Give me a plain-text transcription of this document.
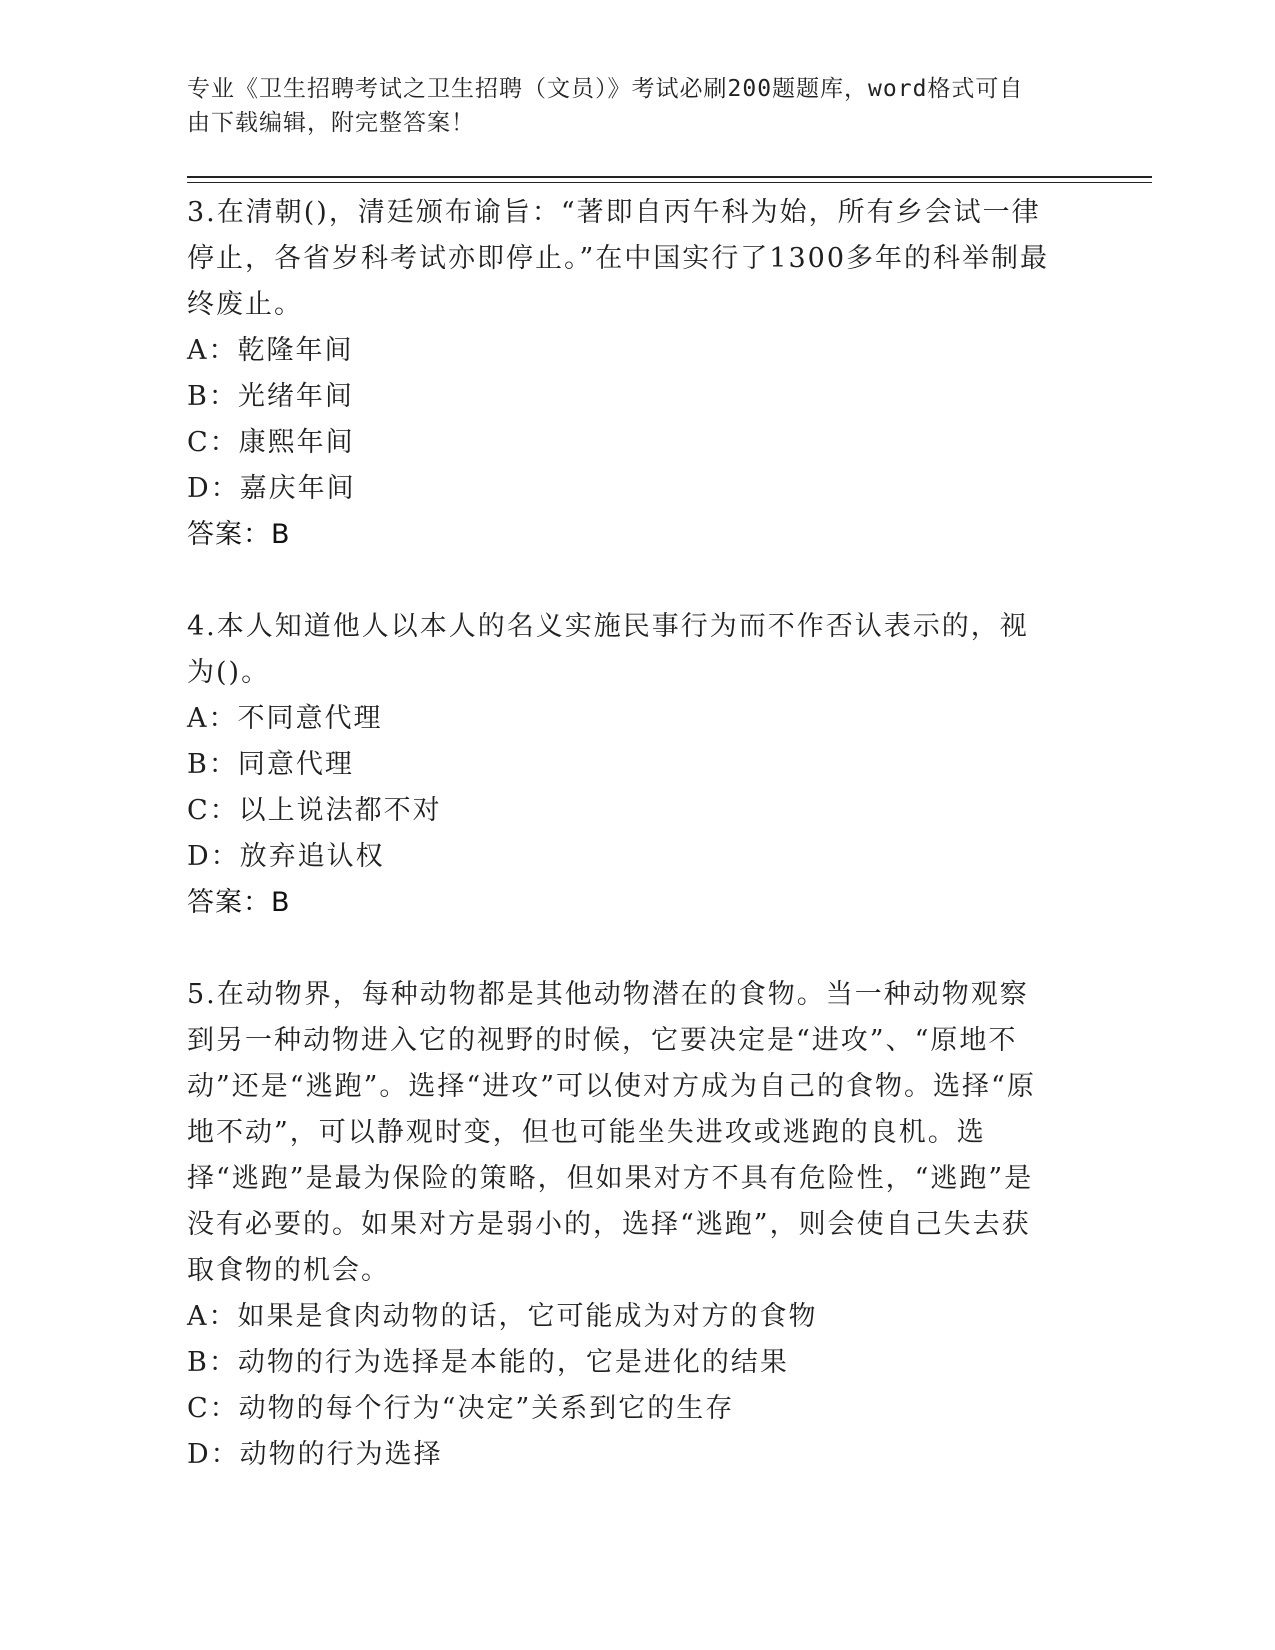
专业《卫生招聘考试之卫生招聘（文员）》考试必刷200题题库，word格式可自
由下载编辑，附完整答案！

3.在清朝()，清廷颁布谕旨：“著即自丙午科为始，所有乡会试一律停止，各省岁科考试亦即停止。”在中国实行了1300多年的科举制最终废止。

A：乾隆年间
B：光绪年间
C：康熙年间
D：嘉庆年间
答案：B

4.本人知道他人以本人的名义实施民事行为而不作否认表示的，视为()。

A：不同意代理
B：同意代理
C：以上说法都不对
D：放弃追认权
答案：B

5.在动物界，每种动物都是其他动物潜在的食物。当一种动物观察到另一种动物进入它的视野的时候，它要决定是“进攻”、“原地不动”还是“逃跑”。选择“进攻”可以使对方成为自己的食物。选择“原地不动”，可以静观时变，但也可能坐失进攻或逃跑的良机。选择“逃跑”是最为保险的策略，但如果对方不具有危险性，“逃跑”是没有必要的。如果对方是弱小的，选择“逃跑”，则会使自己失去获取食物的机会。

A：如果是食肉动物的话，它可能成为对方的食物
B：动物的行为选择是本能的，它是进化的结果
C：动物的每个行为“决定”关系到它的生存
D：动物的行为选择
